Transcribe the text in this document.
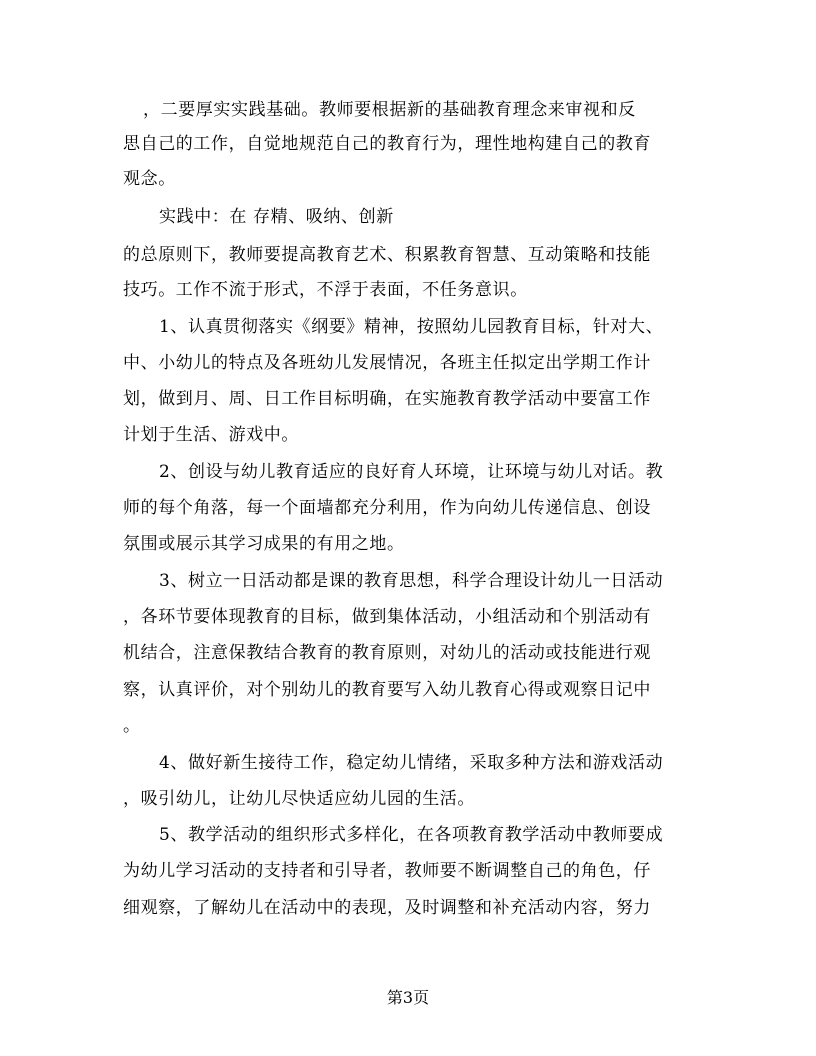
，二要厚实实践基础。教师要根据新的基础教育理念来审视和反
思自己的工作，自觉地规范自己的教育行为，理性地构建自己的教育
观念。
实践中：在 存精、吸纳、创新
的总原则下，教师要提高教育艺术、积累教育智慧、互动策略和技能
技巧。工作不流于形式，不浮于表面，不任务意识。
1、认真贯彻落实《纲要》精神，按照幼儿园教育目标，针对大、
中、小幼儿的特点及各班幼儿发展情况，各班主任拟定出学期工作计
划，做到月、周、日工作目标明确，在实施教育教学活动中要富工作
计划于生活、游戏中。
2、创设与幼儿教育适应的良好育人环境，让环境与幼儿对话。教
师的每个角落，每一个面墙都充分利用，作为向幼儿传递信息、创设
氛围或展示其学习成果的有用之地。
3、树立一日活动都是课的教育思想，科学合理设计幼儿一日活动
，各环节要体现教育的目标，做到集体活动，小组活动和个别活动有
机结合，注意保教结合教育的教育原则，对幼儿的活动或技能进行观
察，认真评价，对个别幼儿的教育要写入幼儿教育心得或观察日记中
。
4、做好新生接待工作，稳定幼儿情绪，采取多种方法和游戏活动
，吸引幼儿，让幼儿尽快适应幼儿园的生活。
5、教学活动的组织形式多样化，在各项教育教学活动中教师要成
为幼儿学习活动的支持者和引导者，教师要不断调整自己的角色，仔
细观察，了解幼儿在活动中的表现，及时调整和补充活动内容，努力
第3页
